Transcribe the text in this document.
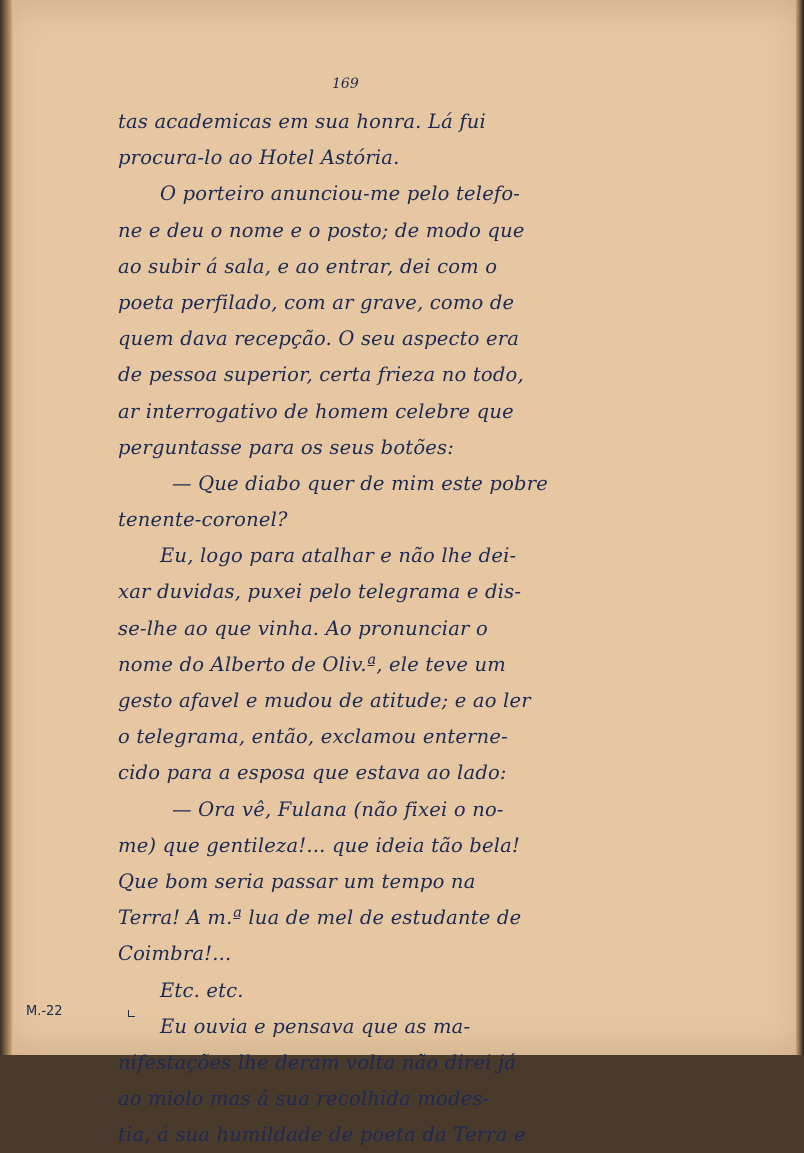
169
tas academicas em sua honra. Lá fui
procura-lo ao Hotel Astória.
O porteiro anunciou-me pelo telefo-
ne e deu o nome e o posto; de modo que
ao subir á sala, e ao entrar, dei com o
poeta perfilado, com ar grave, como de
quem dava recepção. O seu aspecto era
de pessoa superior, certa frieza no todo,
ar interrogativo de homem celebre que
perguntasse para os seus botões:
— Que diabo quer de mim este pobre
tenente-coronel?
Eu, logo para atalhar e não lhe dei-
xar duvidas, puxei pelo telegrama e dis-
se-lhe ao que vinha. Ao pronunciar o
nome do Alberto de Oliv.ª, ele teve um
gesto afavel e mudou de atitude; e ao ler
o telegrama, então, exclamou enterne-
cido para a esposa que estava ao lado:
— Ora vê, Fulana (não fixei o no-
me) que gentileza!... que ideia tão bela!
Que bom seria passar um tempo na
Terra! A m.ª lua de mel de estudante de
Coimbra!...
Etc. etc.
Eu ouvia e pensava que as ma-
nifestações lhe deram volta não direi já
ao miolo mas á sua recolhida modes-
tia, á sua humildade de poeta da Terra e
M.-22
